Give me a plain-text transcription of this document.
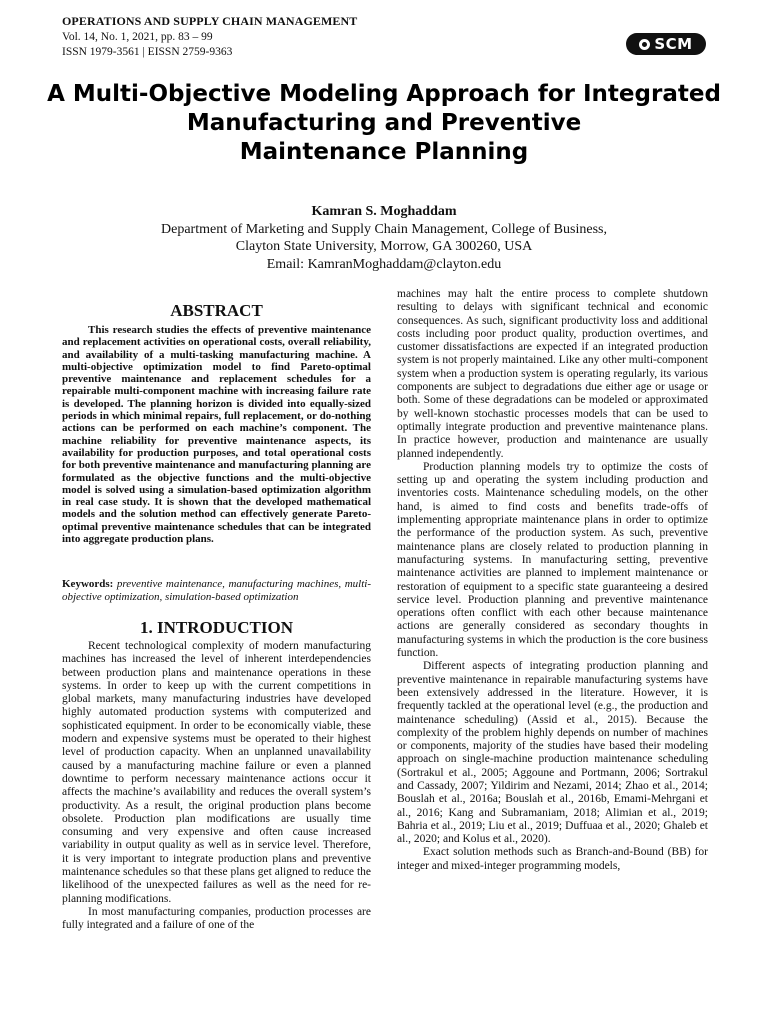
OPERATIONS AND SUPPLY CHAIN MANAGEMENT
Vol. 14, No. 1, 2021, pp. 83 – 99
ISSN 1979-3561 | EISSN 2759-9363	SCM
A Multi-Objective Modeling Approach for Integrated
Manufacturing and Preventive
Maintenance Planning
Kamran S. Moghaddam
Department of Marketing and Supply Chain Management, College of Business,
Clayton State University, Morrow, GA 300260, USA
Email: KamranMoghaddam@clayton.edu
ABSTRACT

This research studies the effects of preventive maintenance and replacement activities on operational costs, overall reliability, and availability of a multi-tasking manufacturing machine. A multi-objective optimization model to find Pareto-optimal preventive maintenance and replacement schedules for a repairable multi-component machine with increasing failure rate is developed. The planning horizon is divided into equally-sized periods in which minimal repairs, full replacement, or do-nothing actions can be performed on each machine’s component. The machine reliability for preventive maintenance aspects, its availability for production purposes, and total operational costs for both preventive maintenance and manufacturing planning are formulated as the objective functions and the multi-objective model is solved using a simulation-based optimization algorithm in real case study. It is shown that the developed mathematical models and the solution method can effectively generate Pareto-optimal preventive maintenance schedules that can be integrated into aggregate production plans.

Keywords: preventive maintenance, manufacturing machines, multi-objective optimization, simulation-based optimization
1. INTRODUCTION

Recent technological complexity of modern manufacturing machines has increased the level of inherent interdependencies between production plans and maintenance operations in these systems. In order to keep up with the current competitions in global markets, many manufacturing industries have developed highly automated production systems with computerized and sophisticated equipment. In order to be economically viable, these modern and expensive systems must be operated to their highest level of production capacity. When an unplanned unavailability caused by a manufacturing machine failure or even a planned downtime to perform necessary maintenance actions occur it affects the machine’s availability and reduces the overall system’s productivity. As a result, the original production plans become obsolete. Production plan modifications are usually time consuming and very expensive and often cause increased variability in output quality as well as in service level. Therefore, it is very important to integrate production plans and preventive maintenance schedules so that these plans get aligned to reduce the likelihood of the unexpected failures as well as the need for re-planning modifications.

In most manufacturing companies, production processes are fully integrated and a failure of one of the

machines may halt the entire process to complete shutdown resulting to delays with significant technical and economic consequences. As such, significant productivity loss and additional costs including poor product quality, production overtimes, and customer dissatisfactions are expected if an integrated production system is not properly maintained. Like any other multi-component system when a production system is operating regularly, its various components are subject to degradations due either age or usage or both. Some of these degradations can be modeled or approximated by well-known stochastic processes models that can be used to optimally integrate production and preventive maintenance plans. In practice however, production and maintenance are usually planned independently.

Production planning models try to optimize the costs of setting up and operating the system including production and inventories costs. Maintenance scheduling models, on the other hand, is aimed to find costs and benefits trade-offs of implementing appropriate maintenance plans in order to optimize the performance of the production system. As such, preventive maintenance plans are closely related to production planning in manufacturing systems. In manufacturing setting, preventive maintenance activities are planned to implement maintenance or restoration of equipment to a specific state guaranteeing a desired service level. Production planning and preventive maintenance operations often conflict with each other because maintenance actions are generally considered as secondary thoughts in manufacturing systems in which the production is the core business function.

Different aspects of integrating production planning and preventive maintenance in repairable manufacturing systems have been extensively addressed in the literature. However, it is frequently tackled at the operational level (e.g., the production and maintenance scheduling) (Assid et al., 2015). Because the complexity of the problem highly depends on number of machines or components, majority of the studies have based their modeling approach on single-machine production maintenance scheduling (Sortrakul et al., 2005; Aggoune and Portmann, 2006; Sortrakul and Cassady, 2007; Yildirim and Nezami, 2014; Zhao et al., 2014; Bouslah et al., 2016a; Bouslah et al., 2016b, Emami-Mehrgani et al., 2016; Kang and Subramaniam, 2018; Alimian et al., 2019; Bahria et al., 2019; Liu et al., 2019; Duffuaa et al., 2020; Ghaleb et al., 2020; and Kolus et al., 2020).

Exact solution methods such as Branch-and-Bound (BB) for integer and mixed-integer programming models,
